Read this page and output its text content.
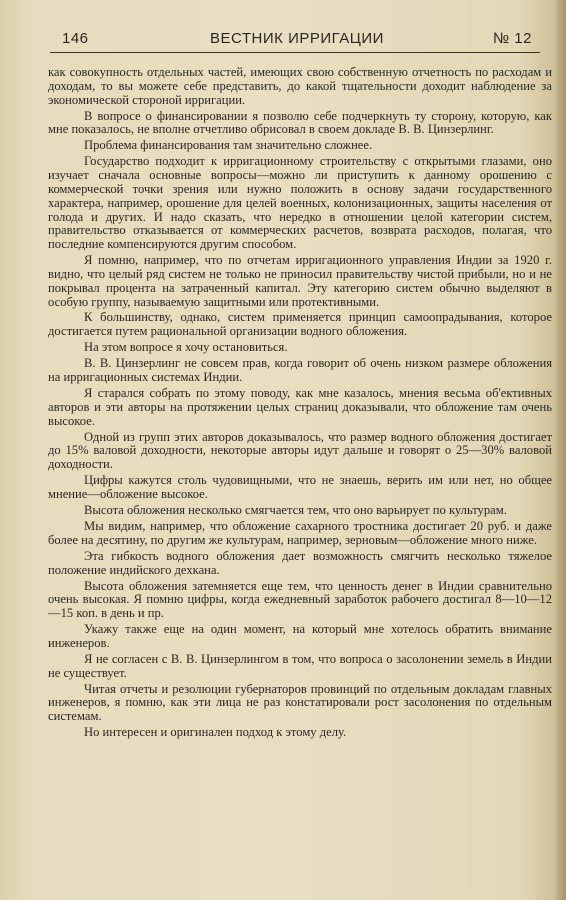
146	ВЕСТНИК ИРРИГАЦИИ	№ 12

как совокупность отдельных частей, имеющих свою собственную отчетность по расходам и доходам, то вы можете себе представить, до какой тщательности доходит наблюдение за экономической стороной ирригации.

В вопросе о финансировании я позволю себе подчеркнуть ту сторону, которую, как мне показалось, не вполне отчетливо обрисовал в своем докладе В. В. Цинзерлинг.

Проблема финансирования там значительно сложнее.

Государство подходит к ирригационному строительству с открытыми глазами, оно изучает сначала основные вопросы—можно ли приступить к данному орошению с коммерческой точки зрения или нужно положить в основу задачи государственного характера, например, орошение для целей военных, колонизационных, защиты населения от голода и других. И надо сказать, что нередко в отношении целой категории систем, правительство отказывается от коммерческих расчетов, возврата расходов, полагая, что последние компенсируются другим способом.

Я помню, например, что по отчетам ирригационного управления Индии за 1920 г. видно, что целый ряд систем не только не приносил правительству чистой прибыли, но и не покрывал процента на затраченный капитал. Эту категорию систем обычно выделяют в особую группу, называемую защитными или протективными.

К большинству, однако, систем применяется принцип самоопрадывания, которое достигается путем рациональной организации водного обложения.

На этом вопросе я хочу остановиться.

В. В. Цинзерлинг не совсем прав, когда говорит об очень низком размере обложения на ирригационных системах Индии.

Я старался собрать по этому поводу, как мне казалось, мнения весьма об'ективных авторов и эти авторы на протяжении целых страниц доказывали, что обложение там очень высокое.

Одной из групп этих авторов доказывалось, что размер водного обложения достигает до 15% валовой доходности, некоторые авторы идут дальше и говорят о 25—30% валовой доходности.

Цифры кажутся столь чудовищными, что не знаешь, верить им или нет, но общее мнение—обложение высокое.

Высота обложения несколько смягчается тем, что оно варьирует по культурам.

Мы видим, например, что обложение сахарного тростника достигает 20 руб. и даже более на десятину, по другим же культурам, например, зерновым—обложение много ниже.

Эта гибкость водного обложения дает возможность смягчить несколько тяжелое положение индийского дехкана.

Высота обложения затемняется еще тем, что ценность денег в Индии сравнительно очень высокая. Я помню цифры, когда ежедневный заработок рабочего достигал 8—10—12—15 коп. в день и пр.

Укажу также еще на один момент, на который мне хотелось обратить внимание инженеров.

Я не согласен с В. В. Цинзерлингом в том, что вопроса о засолонении земель в Индии не существует.

Читая отчеты и резолюции губернаторов провинций по отдельным докладам главных инженеров, я помню, как эти лица не раз констатировали рост засолонения по отдельным системам.

Но интересен и оригинален подход к этому делу.
